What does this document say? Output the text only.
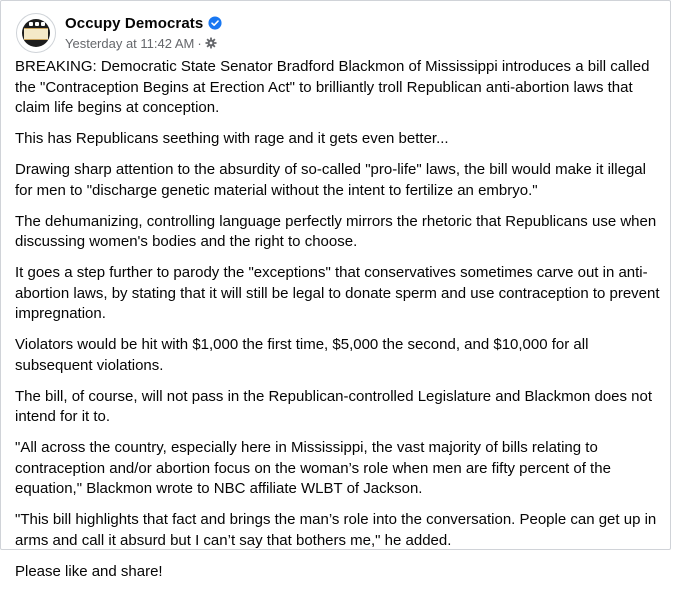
Occupy Democrats
Yesterday at 11:42 AM ·

BREAKING: Democratic State Senator Bradford Blackmon of Mississippi introduces a bill called the "Contraception Begins at Erection Act" to brilliantly troll Republican anti-abortion laws that claim life begins at conception.

This has Republicans seething with rage and it gets even better...

Drawing sharp attention to the absurdity of so-called "pro-life" laws, the bill would make it illegal for men to "discharge genetic material without the intent to fertilize an embryo."

The dehumanizing, controlling language perfectly mirrors the rhetoric that Republicans use when discussing women's bodies and the right to choose.

It goes a step further to parody the "exceptions" that conservatives sometimes carve out in anti-abortion laws, by stating that it will still be legal to donate sperm and use contraception to prevent impregnation.

Violators would be hit with $1,000 the first time, $5,000 the second, and $10,000 for all subsequent violations.

The bill, of course, will not pass in the Republican-controlled Legislature and Blackmon does not intend for it to.

"All across the country, especially here in Mississippi, the vast majority of bills relating to contraception and/or abortion focus on the woman’s role when men are fifty percent of the equation," Blackmon wrote to NBC affiliate WLBT of Jackson.

"This bill highlights that fact and brings the man’s role into the conversation. People can get up in arms and call it absurd but I can’t say that bothers me," he added.

Please like and share!
